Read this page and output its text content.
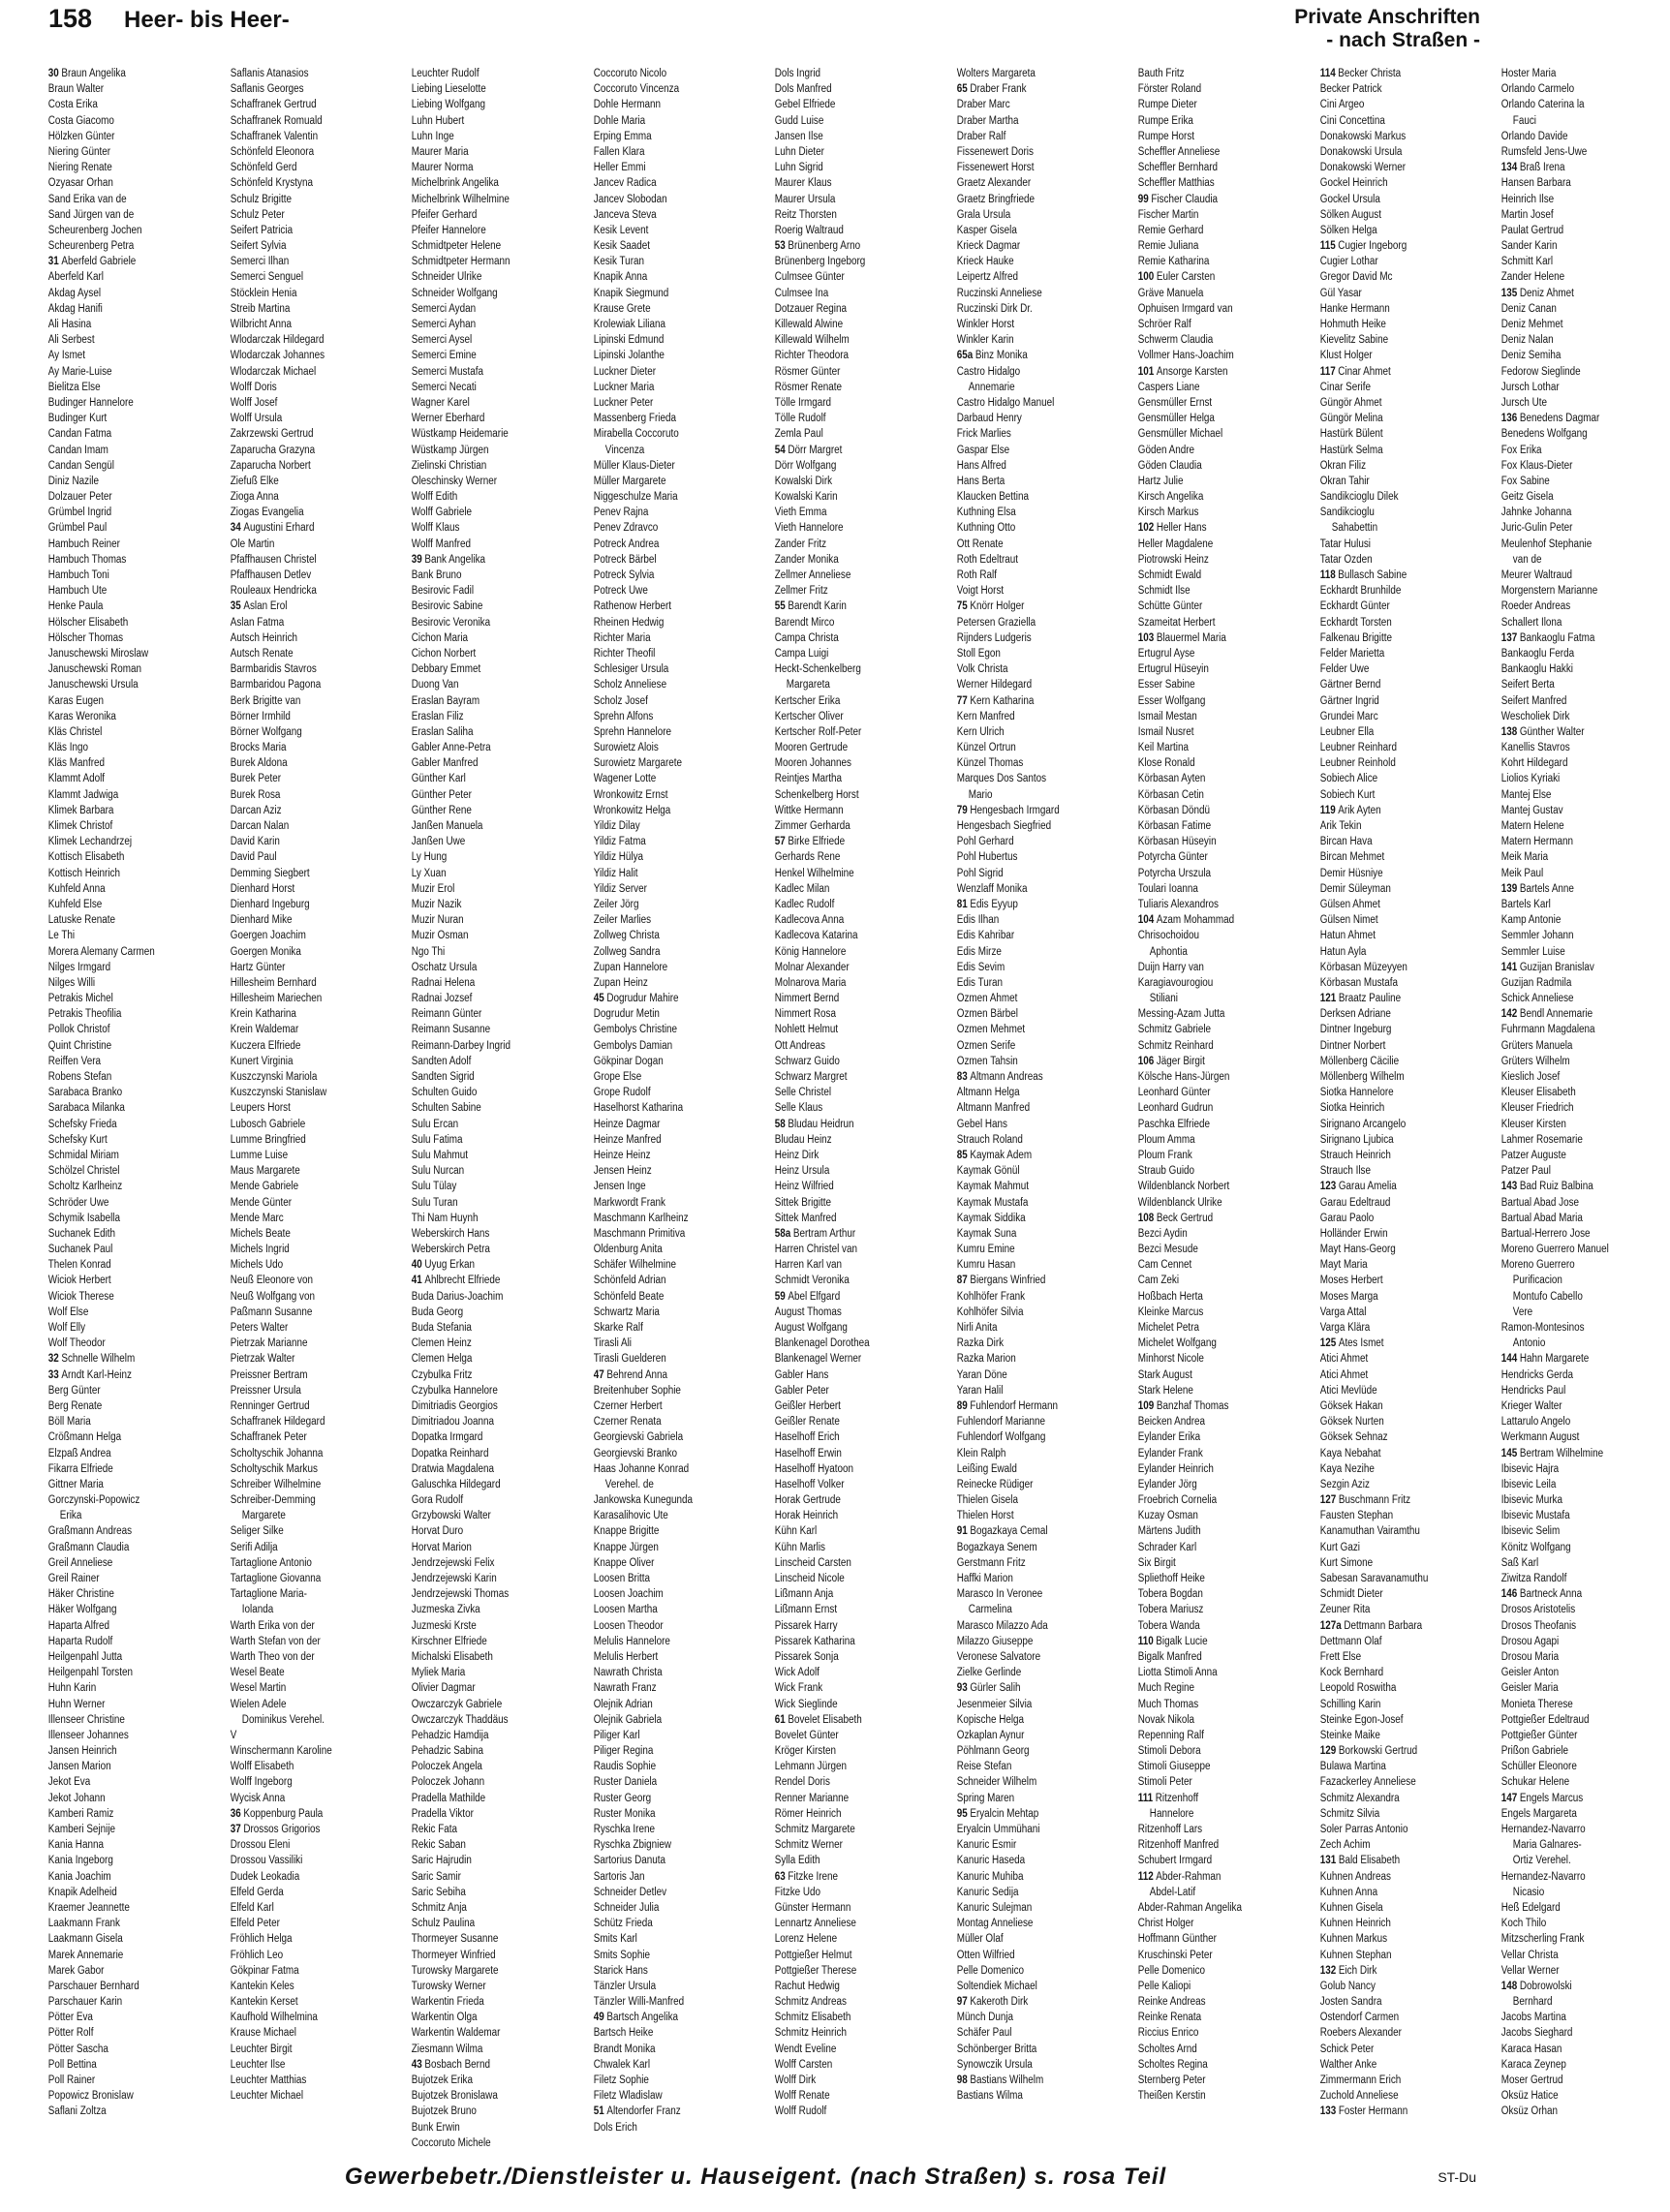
158 Heer- bis Heer-	Private Anschriften
- nach Straßen -
30 Braun Angelika
Braun Walter
Costa Erika
Costa Giacomo
Hölzken Günter
Niering Günter
Niering Renate
Özyasar Orhan
Sand Erika van de
Sand Jürgen van de
Scheurenberg Jochen
Scheurenberg Petra
31 Aberfeld Gabriele
Aberfeld Karl
Akdag Aysel
Akdag Hanifi
Ali Hasina
Ali Serbest
Ay Ismet
Ay Marie-Luise
Bielitza Else
Budinger Hannelore
Budinger Kurt
Candan Fatma
Candan Imam
Candan Sengül
Diniz Nazile
Dolzauer Peter
Grümbel Ingrid
Grümbel Paul
Hambuch Reiner
Hambuch Thomas
Hambuch Toni
Hambuch Ute
Henke Paula
Hölscher Elisabeth
Hölscher Thomas
Januschewski Miroslaw
Januschewski Roman
Januschewski Ursula
Karas Eugen
Karas Weronika
Kläs Christel
Kläs Ingo
Kläs Manfred
Klammt Adolf
Klammt Jadwiga
Klimek Barbara
Klimek Christof
Klimek Lechandrzej
Kottisch Elisabeth
Kottisch Heinrich
Kuhfeld Anna
Kuhfeld Else
Latuske Renate
Le Thi
Morera Alemany Carmen
Nilges Irmgard
Nilges Willi
Petrakis Michel
Petrakis Theofilia
Pollok Christof
Quint Christine
Reiffen Vera
Robens Stefan
Sarabaca Branko
Sarabaca Milanka
Schefsky Frieda
Schefsky Kurt
Schmidal Miriam
Schölzel Christel
Scholtz Karlheinz
Schröder Uwe
Schymik Isabella
Suchanek Edith
Suchanek Paul
Thelen Konrad
Wiciok Herbert
Wiciok Therese
Wolf Else
Wolf Elly
Wolf Theodor
32 Schnelle Wilhelm
33 Arndt Karl-Heinz
Berg Günter
Berg Renate
Böll Maria
Crößmann Helga
Elzpaß Andrea
Fikarra Elfriede
Gittner Maria
Gorczynski-Popowicz
Erika
Graßmann Andreas
Graßmann Claudia
Greil Anneliese
Greil Rainer
Häker Christine
Häker Wolfgang
Haparta Alfred
Haparta Rudolf
Heilgenpahl Jutta
Heilgenpahl Torsten
Huhn Karin
Huhn Werner
Illenseer Christine
Illenseer Johannes
Jansen Heinrich
Jansen Marion
Jekot Eva
Jekot Johann
Kamberi Ramiz
Kamberi Sejnije
Kania Hanna
Kania Ingeborg
Kania Joachim
Knapik Adelheid
Kraemer Jeannette
Laakmann Frank
Laakmann Gisela
Marek Annemarie
Marek Gabor
Parschauer Bernhard
Parschauer Karin
Pötter Eva
Pötter Rolf
Pötter Sascha
Poll Bettina
Poll Rainer
Popowicz Bronislaw
Saflani Zoltza
Saflanis Atanasios
Saflanis Georges
Schaffranek Gertrud
Schaffranek Romuald
Schaffranek Valentin
Schönfeld Eleonora
Schönfeld Gerd
Schönfeld Krystyna
Schulz Brigitte
Schulz Peter
Seifert Patricia
Seifert Sylvia
Semerci Ilhan
Semerci Senguel
Stöcklein Henia
Streib Martina
Wilbricht Anna
Wlodarczak Hildegard
Wlodarczak Johannes
Wlodarczak Michael
Wolff Doris
Wolff Josef
Wolff Ursula
Zakrzewski Gertrud
Zaparucha Grazyna
Zaparucha Norbert
Ziefuß Elke
Zioga Anna
Ziogas Evangelia
34 Augustini Erhard
Ole Martin
Pfaffhausen Christel
Pfaffhausen Detlev
Rouleaux Hendricka
35 Aslan Erol
Aslan Fatma
Autsch Heinrich
Autsch Renate
Barmbaridis Stavros
Barmbaridou Pagona
Berk Brigitte van
Börner Irmhild
Börner Wolfgang
Brocks Maria
Burek Aldona
Burek Peter
Burek Rosa
Darcan Aziz
Darcan Nalan
David Karin
David Paul
Demming Siegbert
Dienhard Horst
Dienhard Ingeburg
Dienhard Mike
Goergen Joachim
Goergen Monika
Hartz Günter
Hillesheim Bernhard
Hillesheim Mariechen
Krein Katharina
Krein Waldemar
Kuczera Elfriede
Kunert Virginia
Kuszczynski Mariola
Kuszczynski Stanislaw
Leupers Horst
Lubosch Gabriele
Lumme Bringfried
Lumme Luise
Maus Margarete
Mende Gabriele
Mende Günter
Mende Marc
Michels Beate
Michels Ingrid
Michels Udo
Neuß Eleonore von
Neuß Wolfgang von
Paßmann Susanne
Peters Walter
Pietrzak Marianne
Pietrzak Walter
Preissner Bertram
Preissner Ursula
Renninger Gertrud
Schaffranek Hildegard
Schaffranek Peter
Scholtyschik Johanna
Scholtyschik Markus
Schreiber Wilhelmine
Schreiber-Demming
Margarete
Seliger Silke
Serifi Adilja
Tartaglione Antonio
Tartaglione Giovanna
Tartaglione Maria-
Iolanda
Warth Erika von der
Warth Stefan von der
Warth Theo von der
Wesel Beate
Wesel Martin
Wielen Adele
Dominikus Verehel.
V
Winschermann Karoline
Wolff Elisabeth
Wolff Ingeborg
Wycisk Anna
36 Koppenburg Paula
37 Drossos Grigorios
Drossou Eleni
Drossou Vassiliki
Dudek Leokadia
Elfeld Gerda
Elfeld Karl
Elfeld Peter
Fröhlich Helga
Fröhlich Leo
Gökpinar Fatma
Kantekin Keles
Kantekin Kerset
Kaufhold Wilhelmina
Krause Michael
Leuchter Birgit
Leuchter Ilse
Leuchter Matthias
Leuchter Michael
Leuchter Rudolf
Liebing Lieselotte
Liebing Wolfgang
Luhn Hubert
Luhn Inge
Maurer Maria
Maurer Norma
Michelbrink Angelika
Michelbrink Wilhelmine
Pfeifer Gerhard
Pfeifer Hannelore
Schmidtpeter Helene
Schmidtpeter Hermann
Schneider Ulrike
Schneider Wolfgang
Semerci Aydan
Semerci Ayhan
Semerci Aysel
Semerci Emine
Semerci Mustafa
Semerci Necati
Wagner Karel
Werner Eberhard
Wüstkamp Heidemarie
Wüstkamp Jürgen
Zielinski Christian
Oleschinsky Werner
Wolff Edith
Wolff Gabriele
Wolff Klaus
Wolff Manfred
39 Bank Angelika
Bank Bruno
Besirovic Fadil
Besirovic Sabine
Besirovic Veronika
Cichon Maria
Cichon Norbert
Debbary Emmet
Duong Van
Eraslan Bayram
Eraslan Filiz
Eraslan Saliha
Gabler Anne-Petra
Gabler Manfred
Günther Karl
Günther Peter
Günther Rene
Janßen Manuela
Janßen Uwe
Ly Hung
Ly Xuan
Muzir Erol
Muzir Nazik
Muzir Nuran
Muzir Osman
Ngo Thi
Oschatz Ursula
Radnai Helena
Radnai Jozsef
Reimann Günter
Reimann Susanne
Reimann-Darbey Ingrid
Sandten Adolf
Sandten Sigrid
Schulten Guido
Schulten Sabine
Sulu Ercan
Sulu Fatima
Sulu Mahmut
Sulu Nurcan
Sulu Tülay
Sulu Turan
Thi Nam Huynh
Weberskirch Hans
Weberskirch Petra
40 Uyug Erkan
41 Ahlbrecht Elfriede
Buda Darius-Joachim
Buda Georg
Buda Stefania
Clemen Heinz
Clemen Helga
Czybulka Fritz
Czybulka Hannelore
Dimitriadis Georgios
Dimitriadou Joanna
Dopatka Irmgard
Dopatka Reinhard
Dratwia Magdalena
Galuschka Hildegard
Gora Rudolf
Grzybowski Walter
Horvat Duro
Horvat Marion
Jendrzejewski Felix
Jendrzejewski Karin
Jendrzejewski Thomas
Juzmeska Zivka
Juzmeski Krste
Kirschner Elfriede
Michalski Elisabeth
Myliek Maria
Olivier Dagmar
Owczarczyk Gabriele
Owczarczyk Thaddäus
Pehadzic Hamdija
Pehadzic Sabina
Poloczek Angela
Poloczek Johann
Pradella Mathilde
Pradella Viktor
Rekic Fata
Rekic Saban
Saric Hajrudin
Saric Samir
Saric Sebiha
Schmitz Anja
Schulz Paulina
Thormeyer Susanne
Thormeyer Winfried
Turowsky Margarete
Turowsky Werner
Warkentin Frieda
Warkentin Olga
Warkentin Waldemar
Ziesmann Wilma
43 Bosbach Bernd
Bujotzek Erika
Bujotzek Bronislawa
Bujotzek Bruno
Bunk Erwin
Coccoruto Michele
Coccoruto Nicolo
Coccoruto Vincenza
Dohle Hermann
Dohle Maria
Erping Emma
Fallen Klara
Heller Emmi
Jancev Radica
Jancev Slobodan
Janceva Steva
Kesik Levent
Kesik Saadet
Kesik Turan
Knapik Anna
Knapik Siegmund
Krause Grete
Krolewiak Liliana
Lipinski Edmund
Lipinski Jolanthe
Luckner Dieter
Luckner Maria
Luckner Peter
Massenberg Frieda
Mirabella Coccoruto
Vincenza
Müller Klaus-Dieter
Müller Margarete
Niggeschulze Maria
Penev Rajna
Penev Zdravco
Potreck Andrea
Potreck Bärbel
Potreck Sylvia
Potreck Uwe
Rathenow Herbert
Rheinen Hedwig
Richter Maria
Richter Theofil
Schlesiger Ursula
Scholz Anneliese
Scholz Josef
Sprehn Alfons
Sprehn Hannelore
Surowietz Alois
Surowietz Margarete
Wagener Lotte
Wronkowitz Ernst
Wronkowitz Helga
Yildiz Dilay
Yildiz Fatma
Yildiz Hülya
Yildiz Halit
Yildiz Server
Zeiler Jörg
Zeiler Marlies
Zollweg Christa
Zollweg Sandra
Zupan Hannelore
Zupan Heinz
45 Dogrudur Mahire
Dogrudur Metin
Gembolys Christine
Gembolys Damian
Gökpinar Dogan
Grope Else
Grope Rudolf
Haselhorst Katharina
Heinze Dagmar
Heinze Manfred
Heinze Heinz
Jensen Heinz
Jensen Inge
Markwordt Frank
Maschmann Karlheinz
Maschmann Primitiva
Oldenburg Anita
Schäfer Wilhelmine
Schönfeld Adrian
Schönfeld Beate
Schwartz Maria
Skarke Ralf
Tirasli Ali
Tirasli Guelderen
47 Behrend Anna
Breitenhuber Sophie
Czerner Herbert
Czerner Renata
Georgievski Gabriela
Georgievski Branko
Haas Johanne Konrad
Verehel. de
Jankowska Kunegunda
Karasalihovic Ute
Knappe Brigitte
Knappe Jürgen
Knappe Oliver
Loosen Britta
Loosen Joachim
Loosen Martha
Loosen Theodor
Melulis Hannelore
Melulis Herbert
Nawrath Christa
Nawrath Franz
Olejnik Adrian
Olejnik Gabriela
Piliger Karl
Piliger Regina
Raudis Sophie
Ruster Daniela
Ruster Georg
Ruster Monika
Ryschka Irene
Ryschka Zbigniew
Sartorius Danuta
Sartoris Jan
Schneider Detlev
Schneider Julia
Schütz Frieda
Smits Karl
Smits Sophie
Starick Hans
Tänzler Ursula
Tänzler Willi-Manfred
49 Bartsch Angelika
Bartsch Heike
Brandt Monika
Chwalek Karl
Filetz Sophie
Filetz Wladislaw
51 Altendorfer Franz
Dols Erich
Dols Ingrid
Dols Manfred
Gebel Elfriede
Gudd Luise
Jansen Ilse
Luhn Dieter
Luhn Sigrid
Maurer Klaus
Maurer Ursula
Reitz Thorsten
Roerig Waltraud
53 Brünenberg Arno
Brünenberg Ingeborg
Culmsee Günter
Culmsee Ina
Dotzauer Regina
Killewald Alwine
Killewald Wilhelm
Richter Theodora
Rösmer Günter
Rösmer Renate
Tölle Irmgard
Tölle Rudolf
Zemla Paul
54 Dörr Margret
Dörr Wolfgang
Kowalski Dirk
Kowalski Karin
Vieth Emma
Vieth Hannelore
Zander Fritz
Zander Monika
Zellmer Anneliese
Zellmer Fritz
55 Barendt Karin
Barendt Mirco
Campa Christa
Campa Luigi
Heckt-Schenkelberg
Margareta
Kertscher Erika
Kertscher Oliver
Kertscher Rolf-Peter
Mooren Gertrude
Mooren Johannes
Reintjes Martha
Schenkelberg Horst
Wittke Hermann
Zimmer Gerharda
57 Birke Elfriede
Gerhards Rene
Henkel Wilhelmine
Kadlec Milan
Kadlec Rudolf
Kadlecova Anna
Kadlecova Katarina
König Hannelore
Molnar Alexander
Molnarova Maria
Nimmert Bernd
Nimmert Rosa
Nohlett Helmut
Ott Andreas
Schwarz Guido
Schwarz Margret
Selle Christel
Selle Klaus
58 Bludau Heidrun
Bludau Heinz
Heinz Dirk
Heinz Ursula
Heinz Wilfried
Sittek Brigitte
Sittek Manfred
58a Bertram Arthur
Harren Christel van
Harren Karl van
Schmidt Veronika
59 Abel Elfgard
August Thomas
August Wolfgang
Blankenagel Dorothea
Blankenagel Werner
Gabler Hans
Gabler Peter
Geißler Herbert
Geißler Renate
Haselhoff Erich
Haselhoff Erwin
Haselhoff Hyatoon
Haselhoff Volker
Horak Gertrude
Horak Heinrich
Kühn Karl
Kühn Marlis
Linscheid Carsten
Linscheid Nicole
Lißmann Anja
Lißmann Ernst
Pissarek Harry
Pissarek Katharina
Pissarek Sonja
Wick Adolf
Wick Frank
Wick Sieglinde
61 Bovelet Elisabeth
Bovelet Günter
Kröger Kirsten
Lehmann Jürgen
Rendel Doris
Renner Marianne
Römer Heinrich
Schmitz Margarete
Schmitz Werner
Sylla Edith
63 Fitzke Irene
Fitzke Udo
Günster Hermann
Lennartz Anneliese
Lorenz Helene
Pottgießer Helmut
Pottgießer Therese
Rachut Hedwig
Schmitz Andreas
Schmitz Elisabeth
Schmitz Heinrich
Wendt Eveline
Wolff Carsten
Wolff Dirk
Wolff Renate
Wolff Rudolf
Wolters Margareta
65 Draber Frank
Draber Marc
Draber Martha
Draber Ralf
Fissenewert Doris
Fissenewert Horst
Graetz Alexander
Graetz Bringfriede
Grala Ursula
Kasper Gisela
Krieck Dagmar
Krieck Hauke
Leipertz Alfred
Ruczinski Anneliese
Ruczinski Dirk Dr.
Winkler Horst
Winkler Karin
65a Binz Monika
Castro Hidalgo
Annemarie
Castro Hidalgo Manuel
Darbaud Henry
Frick Marlies
Gaspar Else
Hans Alfred
Hans Berta
Klaucken Bettina
Kuthning Elsa
Kuthning Otto
Ott Renate
Roth Edeltraut
Roth Ralf
Voigt Horst
75 Knörr Holger
Petersen Graziella
Rijnders Ludgeris
Stoll Egon
Volk Christa
Werner Hildegard
77 Kern Katharina
Kern Manfred
Kern Ulrich
Künzel Ortrun
Künzel Thomas
Marques Dos Santos
Mario
79 Hengesbach Irmgard
Hengesbach Siegfried
Pohl Gerhard
Pohl Hubertus
Pohl Sigrid
Wenzlaff Monika
81 Edis Eyyup
Edis Ilhan
Edis Kahribar
Edis Mirze
Edis Sevim
Edis Turan
Özmen Ahmet
Özmen Bärbel
Özmen Mehmet
Özmen Serife
Özmen Tahsin
83 Altmann Andreas
Altmann Helga
Altmann Manfred
Gebel Hans
Strauch Roland
85 Kaymak Adem
Kaymak Gönül
Kaymak Mahmut
Kaymak Mustafa
Kaymak Siddika
Kaymak Suna
Kumru Emine
Kumru Hasan
87 Biergans Winfried
Kohlhöfer Frank
Kohlhöfer Silvia
Nirli Anita
Razka Dirk
Razka Marion
Yaran Döne
Yaran Halil
89 Fuhlendorf Hermann
Fuhlendorf Marianne
Fuhlendorf Wolfgang
Klein Ralph
Leißing Ewald
Reinecke Rüdiger
Thielen Gisela
Thielen Horst
91 Bogazkaya Cemal
Bogazkaya Senem
Gerstmann Fritz
Haffki Marion
Marasco In Veronee
Carmelina
Marasco Milazzo Ada
Milazzo Giuseppe
Veronese Salvatore
Zielke Gerlinde
93 Gürler Salih
Jesenmeier Silvia
Kopische Helga
Özkaplan Aynur
Pöhlmann Georg
Reise Stefan
Schneider Wilhelm
Spring Maren
95 Eryalcin Mehtap
Eryalcin Ümmühani
Kanuric Esmir
Kanuric Haseda
Kanuric Muhiba
Kanuric Sedija
Kanuric Sulejman
Montag Anneliese
Müller Olaf
Otten Wilfried
Pelle Domenico
Soltendiek Michael
97 Kakeroth Dirk
Münch Dunja
Schäfer Paul
Schönberger Britta
Synowczik Ursula
98 Bastians Wilhelm
Bastians Wilma
Bauth Fritz
Förster Roland
Rumpe Dieter
Rumpe Erika
Rumpe Horst
Scheffler Anneliese
Scheffler Bernhard
Scheffler Matthias
99 Fischer Claudia
Fischer Martin
Remie Gerhard
Remie Juliana
Remie Katharina
100 Euler Carsten
Gräve Manuela
Ophuisen Irmgard van
Schröer Ralf
Schwerm Claudia
Vollmer Hans-Joachim
101 Ansorge Karsten
Caspers Liane
Gensmüller Ernst
Gensmüller Helga
Gensmüller Michael
Göden Andre
Göden Claudia
Hartz Julie
Kirsch Angelika
Kirsch Markus
102 Heller Hans
Heller Magdalene
Piotrowski Heinz
Schmidt Ewald
Schmidt Ilse
Schütte Günter
Szameitat Herbert
103 Blauermel Maria
Ertugrul Ayse
Ertugrul Hüseyin
Esser Sabine
Esser Wolfgang
Ismail Mestan
Ismail Nusret
Keil Martina
Klose Ronald
Körbasan Ayten
Körbasan Cetin
Körbasan Döndü
Körbasan Fatime
Körbasan Hüseyin
Potyrcha Günter
Potyrcha Urszula
Toulari Ioanna
Tuliaris Alexandros
104 Azam Mohammad
Chrisochoidou
Aphontia
Duijn Harry van
Karagiavourogiou
Stiliani
Messing-Azam Jutta
Schmitz Gabriele
Schmitz Reinhard
106 Jäger Birgit
Kölsche Hans-Jürgen
Leonhard Günter
Leonhard Gudrun
Paschka Elfriede
Ploum Amma
Ploum Frank
Straub Guido
Wildenblanck Norbert
Wildenblanck Ulrike
108 Beck Gertrud
Bezci Aydin
Bezci Mesude
Cam Cennet
Cam Zeki
Hoßbach Herta
Kleinke Marcus
Michelet Petra
Michelet Wolfgang
Minhorst Nicole
Stark August
Stark Helene
109 Banzhaf Thomas
Beicken Andrea
Eylander Erika
Eylander Frank
Eylander Heinrich
Eylander Jörg
Froebrich Cornelia
Kuzay Osman
Märtens Judith
Schrader Karl
Six Birgit
Spliethoff Heike
Tobera Bogdan
Tobera Mariusz
Tobera Wanda
110 Bigalk Lucie
Bigalk Manfred
Liotta Stimoli Anna
Much Regine
Much Thomas
Novak Nikola
Repenning Ralf
Stimoli Debora
Stimoli Giuseppe
Stimoli Peter
111 Ritzenhoff
Hannelore
Ritzenhoff Lars
Ritzenhoff Manfred
Schubert Irmgard
112 Abder-Rahman
Abdel-Latif
Abder-Rahman Angelika
Christ Holger
Hoffmann Günther
Kruschinski Peter
Pelle Domenico
Pelle Kaliopi
Reinke Andreas
Reinke Renata
Riccius Enrico
Scholtes Arnd
Scholtes Regina
Sternberg Peter
Theißen Kerstin
114 Becker Christa
Becker Patrick
Cini Argeo
Cini Concettina
Donakowski Markus
Donakowski Ursula
Donakowski Werner
Gockel Heinrich
Gockel Ursula
Sölken August
Sölken Helga
115 Cugier Ingeborg
Cugier Lothar
Gregor David Mc
Gül Yasar
Hanke Hermann
Hohmuth Heike
Kievelitz Sabine
Klust Holger
117 Cinar Ahmet
Cinar Serife
Güngör Ahmet
Güngör Melina
Hastürk Bülent
Hastürk Selma
Okran Filiz
Okran Tahir
Sandikcioglu Dilek
Sandikcioglu
Sahabettin
Tatar Hulusi
Tatar Özden
118 Bullasch Sabine
Eckhardt Brunhilde
Eckhardt Günter
Eckhardt Torsten
Falkenau Brigitte
Felder Marietta
Felder Uwe
Gärtner Bernd
Gärtner Ingrid
Grundei Marc
Leubner Ella
Leubner Reinhard
Leubner Reinhold
Sobiech Alice
Sobiech Kurt
119 Arik Ayten
Arik Tekin
Bircan Hava
Bircan Mehmet
Demir Hüsniye
Demir Süleyman
Gülsen Ahmet
Gülsen Nimet
Hatun Ahmet
Hatun Ayla
Körbasan Müzeyyen
Körbasan Mustafa
121 Braatz Pauline
Derksen Adriane
Dintner Ingeburg
Dintner Norbert
Möllenberg Cäcilie
Möllenberg Wilhelm
Siotka Hannelore
Siotka Heinrich
Sirignano Arcangelo
Sirignano Ljubica
Strauch Heinrich
Strauch Ilse
123 Garau Amelia
Garau Edeltraud
Garau Paolo
Holländer Erwin
Mayt Hans-Georg
Mayt Maria
Moses Herbert
Moses Marga
Varga Attal
Varga Klära
125 Ates Ismet
Atici Ahmet
Atici Ahmet
Atici Mevlüde
Göksek Hakan
Göksek Nurten
Göksek Sehnaz
Kaya Nebahat
Kaya Nezihe
Sezgin Aziz
127 Buschmann Fritz
Fausten Stephan
Kanamuthan Vairamthu
Kurt Gazi
Kurt Simone
Sabesan Saravanamuthu
Schmidt Dieter
Zeuner Rita
127a Dettmann Barbara
Dettmann Olaf
Frett Else
Kock Bernhard
Leopold Roswitha
Schilling Karin
Steinke Egon-Josef
Steinke Maike
129 Borkowski Gertrud
Bulawa Martina
Fazackerley Anneliese
Schmitz Alexandra
Schmitz Silvia
Soler Parras Antonio
Zech Achim
131 Bald Elisabeth
Kuhnen Andreas
Kuhnen Anna
Kuhnen Gisela
Kuhnen Heinrich
Kuhnen Markus
Kuhnen Stephan
132 Eich Dirk
Golub Nancy
Josten Sandra
Ostendorf Carmen
Roebers Alexander
Schick Peter
Walther Anke
Zimmermann Erich
Zuchold Anneliese
133 Foster Hermann
Hoster Maria
Orlando Carmelo
Orlando Caterina la
Fauci
Orlando Davide
Rumsfeld Jens-Uwe
134 Braß Irena
Hansen Barbara
Heinrich Ilse
Martin Josef
Paulat Gertrud
Sander Karin
Schmitt Karl
Zander Helene
135 Deniz Ahmet
Deniz Canan
Deniz Mehmet
Deniz Nalan
Deniz Semiha
Fedorow Sieglinde
Jursch Lothar
Jursch Ute
136 Benedens Dagmar
Benedens Wolfgang
Fox Erika
Fox Klaus-Dieter
Fox Sabine
Geitz Gisela
Jahnke Johanna
Juric-Gulin Peter
Meulenhof Stephanie
van de
Meurer Waltraud
Morgenstern Marianne
Roeder Andreas
Schallert Ilona
137 Bankaoglu Fatma
Bankaoglu Ferda
Bankaoglu Hakki
Seifert Berta
Seifert Manfred
Wescholiek Dirk
138 Günther Walter
Kanellis Stavros
Kohrt Hildegard
Liolios Kyriaki
Mantej Else
Mantej Gustav
Matern Helene
Matern Hermann
Meik Maria
Meik Paul
139 Bartels Anne
Bartels Karl
Kamp Antonie
Semmler Johann
Semmler Luise
141 Guzijan Branislav
Guzijan Radmila
Schick Anneliese
142 Bendl Annemarie
Fuhrmann Magdalena
Grüters Manuela
Grüters Wilhelm
Kieslich Josef
Kleuser Elisabeth
Kleuser Friedrich
Kleuser Kirsten
Lahmer Rosemarie
Patzer Auguste
Patzer Paul
143 Bad Ruiz Balbina
Bartual Abad Jose
Bartual Abad Maria
Bartual-Herrero Jose
Moreno Guerrero Manuel
Moreno Guerrero
Purificacion
Montufo Cabello
Vere
Ramon-Montesinos
Antonio
144 Hahn Margarete
Hendricks Gerda
Hendricks Paul
Krieger Walter
Lattarulo Angelo
Werkmann August
145 Bertram Wilhelmine
Ibisevic Hajra
Ibisevic Leila
Ibisevic Murka
Ibisevic Mustafa
Ibisevic Selim
Könitz Wolfgang
Saß Karl
Ziwitza Randolf
146 Bartneck Anna
Drosos Aristotelis
Drosos Theofanis
Drosou Agapi
Drosou Maria
Geisler Anton
Geisler Maria
Monieta Therese
Pottgießer Edeltraud
Pottgießer Günter
Prißon Gabriele
Schüller Eleonore
Schukar Helene
147 Engels Marcus
Engels Margareta
Hernandez-Navarro
Maria Galnares-
Ortiz Verehel.
Hernandez-Navarro
Nicasio
Heß Edelgard
Koch Thilo
Mitzscherling Frank
Vellar Christa
Vellar Werner
148 Dobrowolski
Bernhard
Jacobs Martina
Jacobs Sieghard
Karaca Hasan
Karaca Zeynep
Moser Gertrud
Oksüz Hatice
Oksüz Orhan
Gewerbebetr./Dienstleister u. Hauseigent. (nach Straßen) s. rosa Teil	ST-Du
